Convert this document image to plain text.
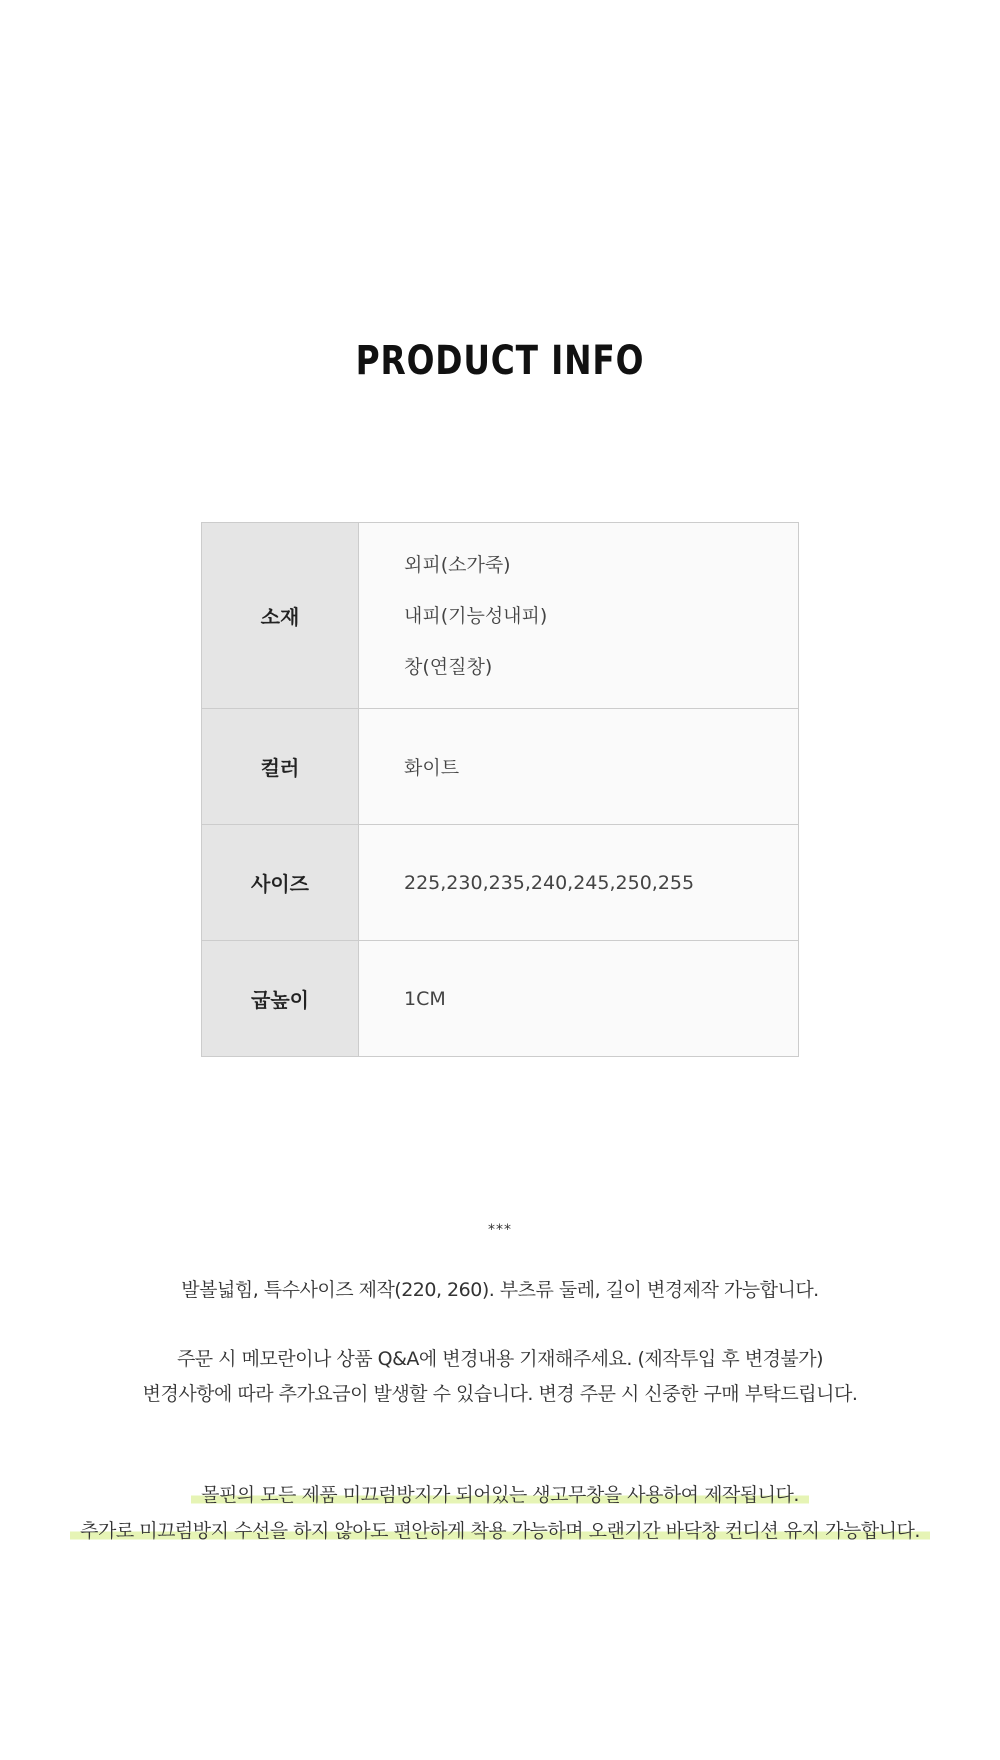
PRODUCT INFO
소재	외피(소가죽)
내피(기능성내피)
창(연질창)

컬러	화이트
사이즈	225,230,235,240,245,250,255
굽높이	1CM
***

발볼넓힘, 특수사이즈 제작(220, 260). 부츠류 둘레, 길이 변경제작 가능합니다.

주문 시 메모란이나 상품 Q&A에 변경내용 기재해주세요. (제작투입 후 변경불가)

변경사항에 따라 추가요금이 발생할 수 있습니다. 변경 주문 시 신중한 구매 부탁드립니다.

몰핀의 모든 제품 미끄럼방지가 되어있는 생고무창을 사용하여 제작됩니다.

추가로 미끄럼방지 수선을 하지 않아도 편안하게 착용 가능하며 오랜기간 바닥창 컨디션 유지 가능합니다.
